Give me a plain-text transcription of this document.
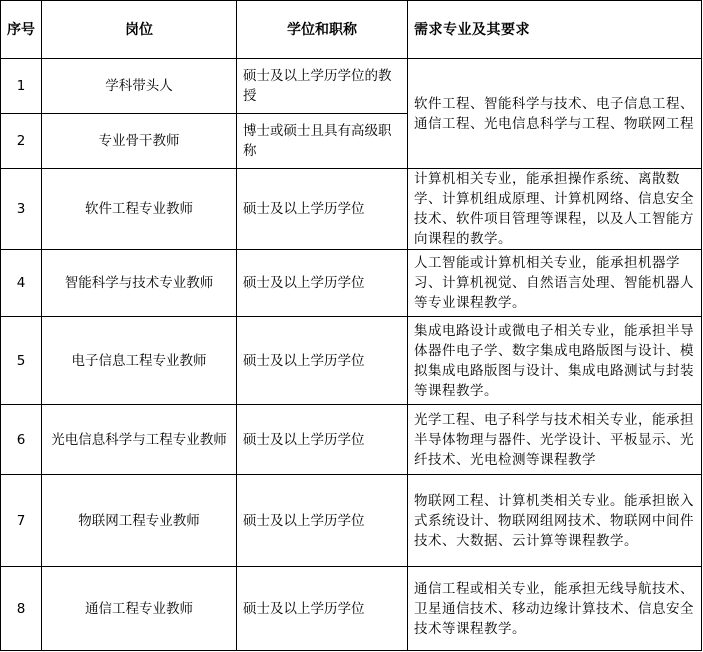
序号	岗位	学位和职称	需求专业及其要求
1	学科带头人	硕士及以上学历学位的教授	软件工程、智能科学与技术、电子信息工程、通信工程、光电信息科学与工程、物联网工程
2	专业骨干教师	博士或硕士且具有高级职称	
3	软件工程专业教师	硕士及以上学历学位	计算机相关专业，能承担操作系统、离散数学、计算机组成原理、计算机网络、信息安全技术、软件项目管理等课程，以及人工智能方向课程的教学。
4	智能科学与技术专业教师	硕士及以上学历学位	人工智能或计算机相关专业，能承担机器学习、计算机视觉、自然语言处理、智能机器人等专业课程教学。
5	电子信息工程专业教师	硕士及以上学历学位	集成电路设计或微电子相关专业，能承担半导体器件电子学、数字集成电路版图与设计、模拟集成电路版图与设计、集成电路测试与封装等课程教学。
6	光电信息科学与工程专业教师	硕士及以上学历学位	光学工程、电子科学与技术相关专业，能承担半导体物理与器件、光学设计、平板显示、光纤技术、光电检测等课程教学
7	物联网工程专业教师	硕士及以上学历学位	物联网工程、计算机类相关专业。能承担嵌入式系统设计、物联网组网技术、物联网中间件技术、大数据、云计算等课程教学。
8	通信工程专业教师	硕士及以上学历学位	通信工程或相关专业，能承担无线导航技术、卫星通信技术、移动边缘计算技术、信息安全技术等课程教学。
